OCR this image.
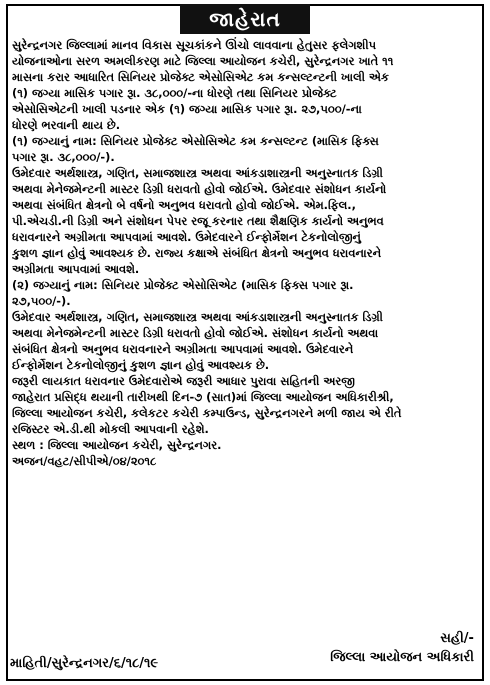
જાહેરાત
સુરેન્દ્રનગર જિલ્લામાં માનવ વિકાસ સૂચકાંકને ઊંચો લાવવાના હેતુસર ફલેગશીપ
યોજનાઓના સરળ અમલીકરણ માટે જિલ્લા આયોજન કચેરી, સુરેન્દ્રનગર ખાતે ૧૧
માસના કરાર આધારિત સિનિયર પ્રોજેક્ટ એસોસિએટ કમ કન્સલ્ટન્ટની ખાલી એક
(૧) જગ્યા માસિક પગાર રૂા. ૩૮,૦૦૦/-ના ધોરણે તથા સિનિયર પ્રોજેક્ટ
એસોસિએટની ખાલી પડનાર એક (૧) જગ્યા માસિક પગાર રૂા. ૨૭,૫૦૦/-ના
ધોરણે ભરવાની થાય છે.
(૧) જગ્યાનું નામ: સિનિયર પ્રોજેક્ટ એસોસિએટ કમ કન્સલ્ટન્ટ (માસિક ફિક્સ
પગાર રૂા. ૩૮,૦૦૦/-).
ઉમેદવાર અર્થશાસ્ત્ર, ગણિત, સમાજશાસ્ત્ર અથવા આંકડાશાસ્ત્રની અનુસ્નાતક ડિગ્રી
અથવા મેનેજમેન્ટની માસ્ટર ડિગ્રી ધરાવતો હોવો જોઈએ. ઉમેદવાર સંશોધન કાર્યનો
અથવા સંબંધિત ક્ષેત્રનો બે વર્ષનો અનુભવ ધરાવતો હોવો જોઈએ. એમ.ફિલ.,
પી.એચડી.ની ડિગ્રી અને સંશોધન પેપર રજૂ કરનાર તથા શૈક્ષણિક કાર્યનો અનુભવ
ધરાવનારને અગ્રીમતા આપવામાં આવશે. ઉમેદવારને ઈન્ફોર્મેશન ટેકનોલોજીનું
કુશળ જ્ઞાન હોવું આવશ્યક છે. રાજ્ય કક્ષાએ સંબંધિત ક્ષેત્રનો અનુભવ ધરાવનારને
અગ્રીમતા આપવામાં આવશે.
(૨) જગ્યાનું નામ: સિનિયર પ્રોજેક્ટ એસોસિએટ (માસિક ફિક્સ પગાર રૂા.
૨૭,૫૦૦/-).
ઉમેદવાર અર્થશાસ્ત્ર, ગણિત, સમાજશાસ્ત્ર અથવા આંકડાશાસ્ત્રની અનુસ્નાતક ડિગ્રી
અથવા મેનેજમેન્ટની માસ્ટર ડિગ્રી ધરાવતો હોવો જોઈએ. સંશોધન કાર્યનો અથવા
સંબંધિત ક્ષેત્રનો અનુભવ ધરાવનારને અગ્રીમતા આપવામાં આવશે. ઉમેદવારને
ઈન્ફોર્મેશન ટેકનોલોજીનું કુશળ જ્ઞાન હોવું આવશ્યક છે.
જરૂરી લાયકાત ધરાવનાર ઉમેદવારોએ જરૂરી આધાર પુરાવા સહિતની અરજી
જાહેરાત પ્રસિદ્ધ થયાની તારીખથી દિન-૭ (સાત)માં જિલ્લા આયોજન અધિકારીશ્રી,
જિલ્લા આયોજન કચેરી, કલેકટર કચેરી કમ્પાઉન્ડ, સુરેન્દ્રનગરને મળી જાય એ રીતે
રજિસ્ટર એ.ડી.થી મોકલી આપવાની રહેશે.
સ્થળ : જિલ્લા આયોજન કચેરી, સુરેન્દ્રનગર.
અજન/વહટ/સીપીએ/૦૪/૨૦૧૮
સહી/-
જિલ્લા આયોજન અધિકારી
માહિતી/સુરેન્દ્રનગર/૬/૧૮/૧૯
